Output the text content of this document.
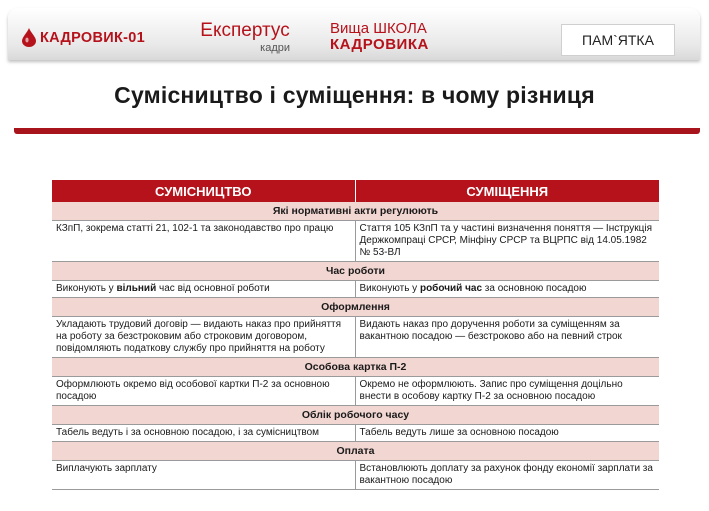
КАДРОВИК-01	Експертус
кадри
Вища ШКОЛА
КАДРОВИКА	ПАМ`ЯТКА
Сумісництво і суміщення: в чому різниця
СУМІСНИЦТВО	СУМІЩЕННЯ
Які нормативні акти регулюють	
КЗпП, зокрема статті 21, 102-1 та законодавство про працю	Стаття 105 КЗпП та у частині визначення поняття — Інструкція Держкомпраці СРСР, Мінфіну СРСР та ВЦРПС від 14.05.1982 № 53-ВЛ
Час роботи	
Виконують у вільний час від основної роботи	Виконують у робочий час за основною посадою
Оформлення	
Укладають трудовий договір — видають наказ про прийняття на роботу за безстроковим або строковим договором, повідомляють податкову службу про прийняття на роботу	Видають наказ про доручення роботи за суміщенням за вакантною посадою — безстроково або на певний строк
Особова картка П-2	
Оформлюють окремо від особової картки П-2 за основною посадою	Окремо не оформлюють. Запис про суміщення доцільно внести в особову картку П-2 за основною посадою
Облік робочого часу	
Табель ведуть і за основною посадою, і за сумісництвом	Табель ведуть лише за основною посадою
Оплата	
Виплачують зарплату	Встановлюють доплату за рахунок фонду економії зарплати за вакантною посадою
